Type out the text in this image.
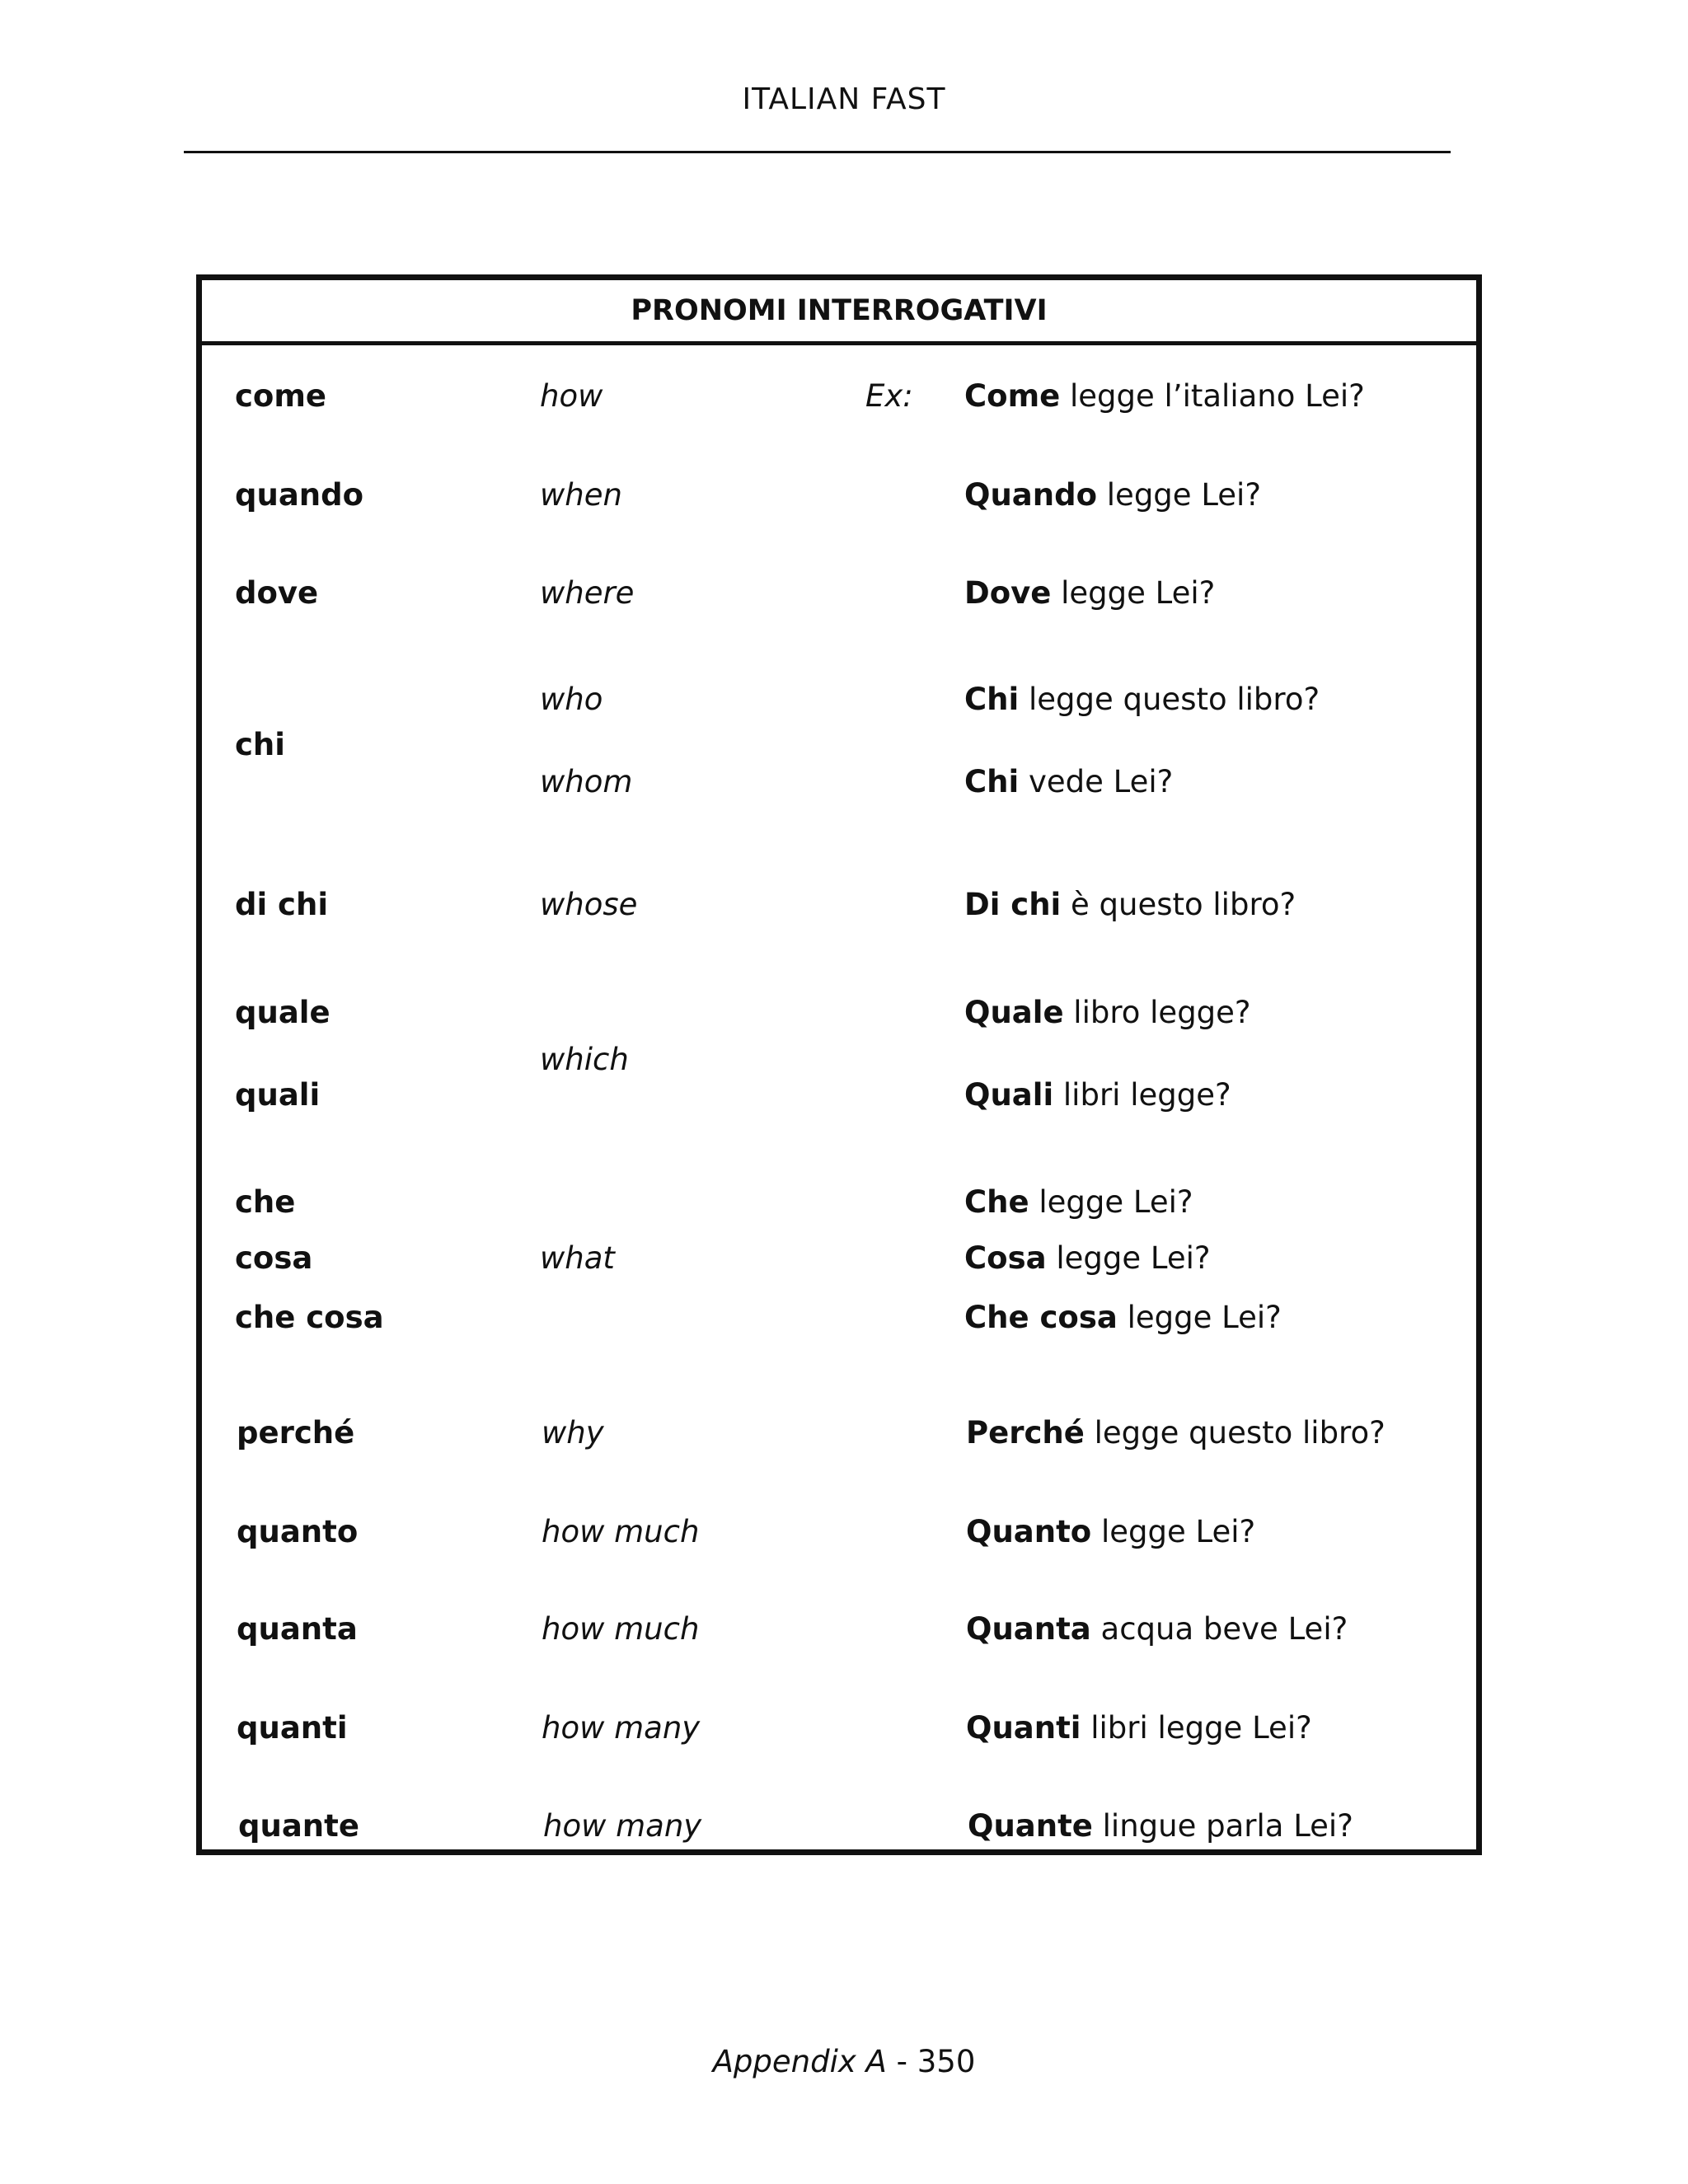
ITALIAN FAST
PRONOMI INTERROGATIVI
come
quando
dove
chi
di chi
quale
quali
che
cosa
che cosa
perché
quanto
quanta
quanti
quante
how
when
where
who
whom
whose
which
what
why
how much
how much
how many
how many
Ex: Come legge l’italiano Lei?
Quando legge Lei?
Dove legge Lei?
Chi legge questo libro?
Chi vede Lei?
Di chi è questo libro?
Quale libro legge?
Quali libri legge?
Che legge Lei?
Cosa legge Lei?
Che cosa legge Lei?
Perché legge questo libro?
Quanto legge Lei?
Quanta acqua beve Lei?
Quanti libri legge Lei?
Quante lingue parla Lei?
Appendix A - 350
